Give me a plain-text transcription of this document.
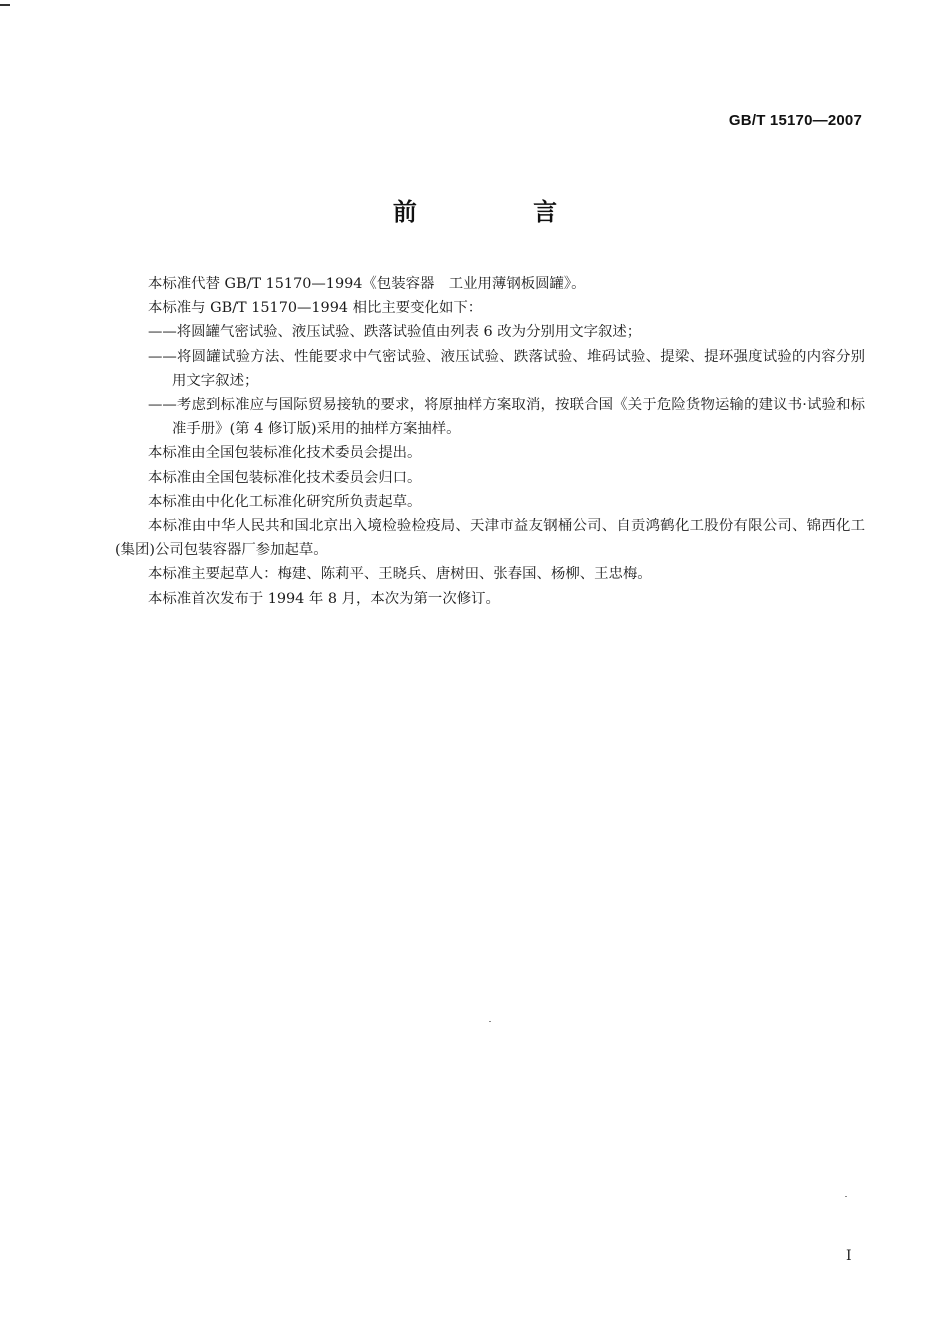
GB/T 15170—2007
前 言

本标准代替 GB/T 15170—1994《包装容器　工业用薄钢板圆罐》。

本标准与 GB/T 15170—1994 相比主要变化如下：

——将圆罐气密试验、液压试验、跌落试验值由列表 6 改为分别用文字叙述；

——将圆罐试验方法、性能要求中气密试验、液压试验、跌落试验、堆码试验、提梁、提环强度试验的内容分别用文字叙述；

——考虑到标准应与国际贸易接轨的要求，将原抽样方案取消，按联合国《关于危险货物运输的建议书·试验和标准手册》(第 4 修订版)采用的抽样方案抽样。

本标准由全国包装标准化技术委员会提出。

本标准由全国包装标准化技术委员会归口。

本标准由中化化工标准化研究所负责起草。

本标准由中华人民共和国北京出入境检验检疫局、天津市益友钢桶公司、自贡鸿鹤化工股份有限公司、锦西化工(集团)公司包装容器厂参加起草。

本标准主要起草人：梅建、陈莉平、王晓兵、唐树田、张春国、杨柳、王忠梅。

本标准首次发布于 1994 年 8 月，本次为第一次修订。

I
